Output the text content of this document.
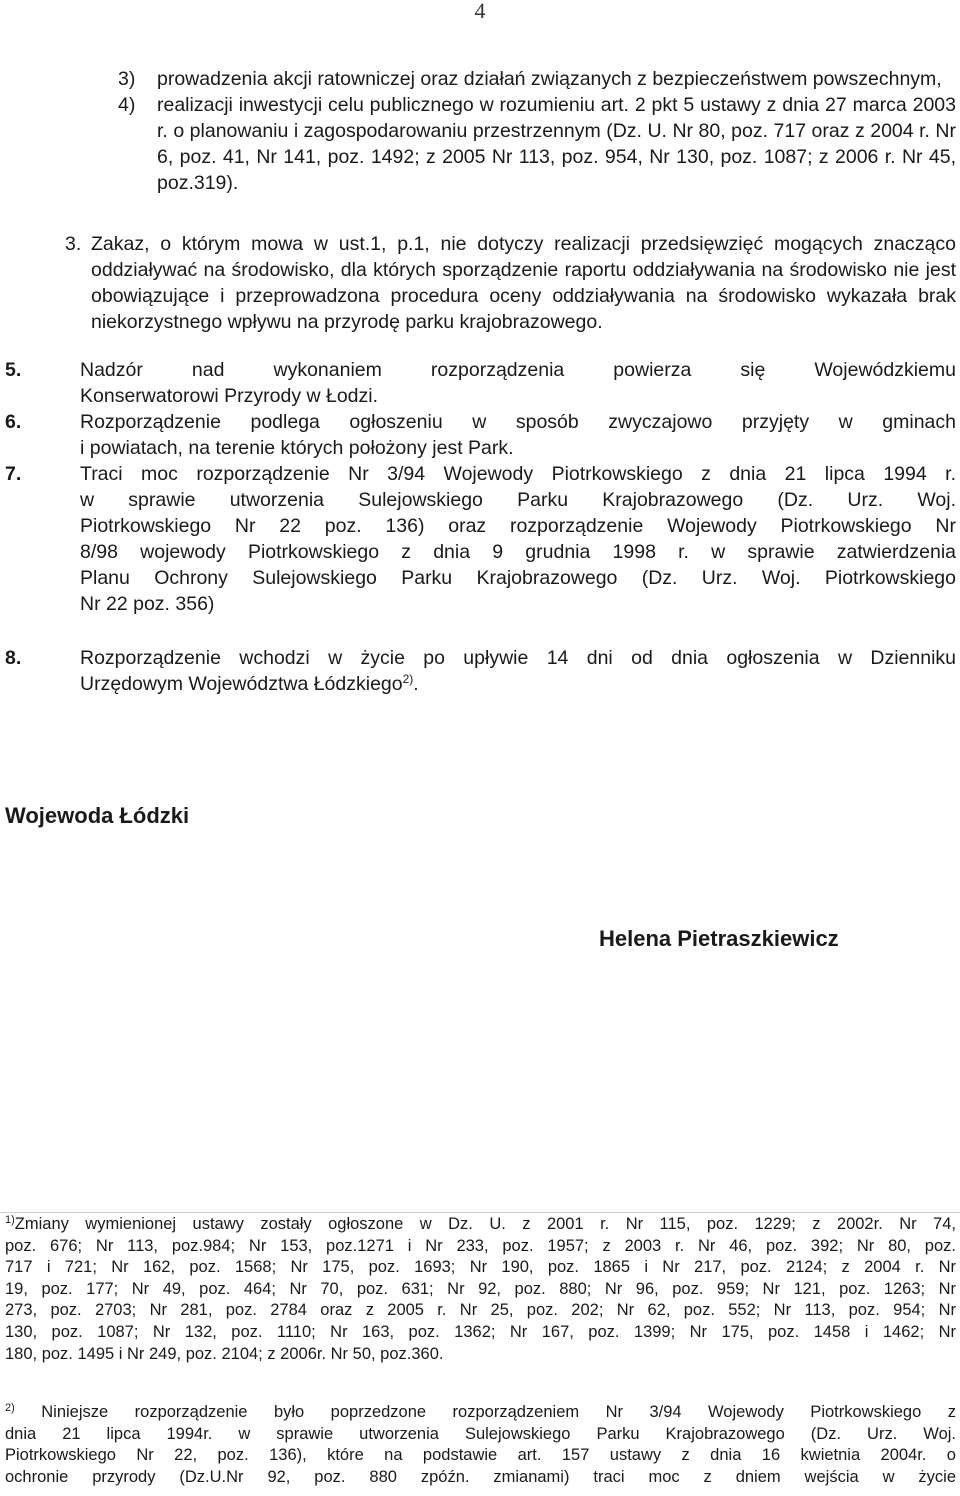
4
3)	prowadzenia akcji ratowniczej oraz działań związanych z bezpieczeństwem powszechnym,
4)	realizacji inwestycji celu publicznego w rozumieniu art. 2 pkt 5 ustawy z dnia 27 marca 2003 r. o planowaniu i zagospodarowaniu przestrzennym (Dz. U. Nr 80, poz. 717 oraz z 2004 r. Nr 6, poz. 41, Nr 141, poz. 1492; z 2005 Nr 113, poz. 954, Nr 130, poz. 1087; z 2006 r. Nr 45, poz.319).
3. Zakaz, o którym mowa w ust.1, p.1, nie dotyczy realizacji przedsięwzięć mogących znacząco oddziaływać na środowisko, dla których sporządzenie raportu oddziaływania na środowisko nie jest obowiązujące i przeprowadzona procedura oceny oddziaływania na środowisko wykazała brak niekorzystnego wpływu na przyrodę parku krajobrazowego.
5.	Nadzór nad wykonaniem rozporządzenia powierza się Wojewódzkiemu
Konserwatorowi Przyrody w Łodzi.
6.	Rozporządzenie podlega ogłoszeniu w sposób zwyczajowo przyjęty w gminach
i powiatach, na terenie których położony jest Park.
7.	Traci moc rozporządzenie Nr 3/94 Wojewody Piotrkowskiego z dnia 21 lipca 1994 r.
w sprawie utworzenia Sulejowskiego Parku Krajobrazowego (Dz. Urz. Woj.
Piotrkowskiego Nr 22 poz. 136) oraz rozporządzenie Wojewody Piotrkowskiego Nr
8/98 wojewody Piotrkowskiego z dnia 9 grudnia 1998 r. w sprawie zatwierdzenia
Planu Ochrony Sulejowskiego Parku Krajobrazowego (Dz. Urz. Woj. Piotrkowskiego
Nr 22 poz. 356)
8.	Rozporządzenie wchodzi w życie po upływie 14 dni od dnia ogłoszenia w Dzienniku
Urzędowym Województwa Łódzkiego$^{2)}$.
Wojewoda Łódzki
Helena Pietraszkiewicz
$^{1)}$Zmiany wymienionej ustawy zostały ogłoszone w Dz. U. z 2001 r. Nr 115, poz. 1229; z 2002r. Nr 74,
poz. 676; Nr 113, poz.984; Nr 153, poz.1271 i Nr 233, poz. 1957; z 2003 r. Nr 46, poz. 392; Nr 80, poz.
717 i 721; Nr 162, poz. 1568; Nr 175, poz. 1693; Nr 190, poz. 1865 i Nr 217, poz. 2124; z 2004 r. Nr
19, poz. 177; Nr 49, poz. 464; Nr 70, poz. 631; Nr 92, poz. 880; Nr 96, poz. 959; Nr 121, poz. 1263; Nr
273, poz. 2703; Nr 281, poz. 2784 oraz z 2005 r. Nr 25, poz. 202; Nr 62, poz. 552; Nr 113, poz. 954; Nr
130, poz. 1087; Nr 132, poz. 1110; Nr 163, poz. 1362; Nr 167, poz. 1399; Nr 175, poz. 1458 i 1462; Nr
180, poz. 1495 i Nr 249, poz. 2104; z 2006r. Nr 50, poz.360.
$^{2)}$ Niniejsze rozporządzenie było poprzedzone rozporządzeniem Nr 3/94 Wojewody Piotrkowskiego z
dnia 21 lipca 1994r. w sprawie utworzenia Sulejowskiego Parku Krajobrazowego (Dz. Urz. Woj.
Piotrkowskiego Nr 22, poz. 136), które na podstawie art. 157 ustawy z dnia 16 kwietnia 2004r. o
ochronie przyrody (Dz.U.Nr 92, poz. 880 zpóźn. zmianami) traci moc z dniem wejścia w życie
